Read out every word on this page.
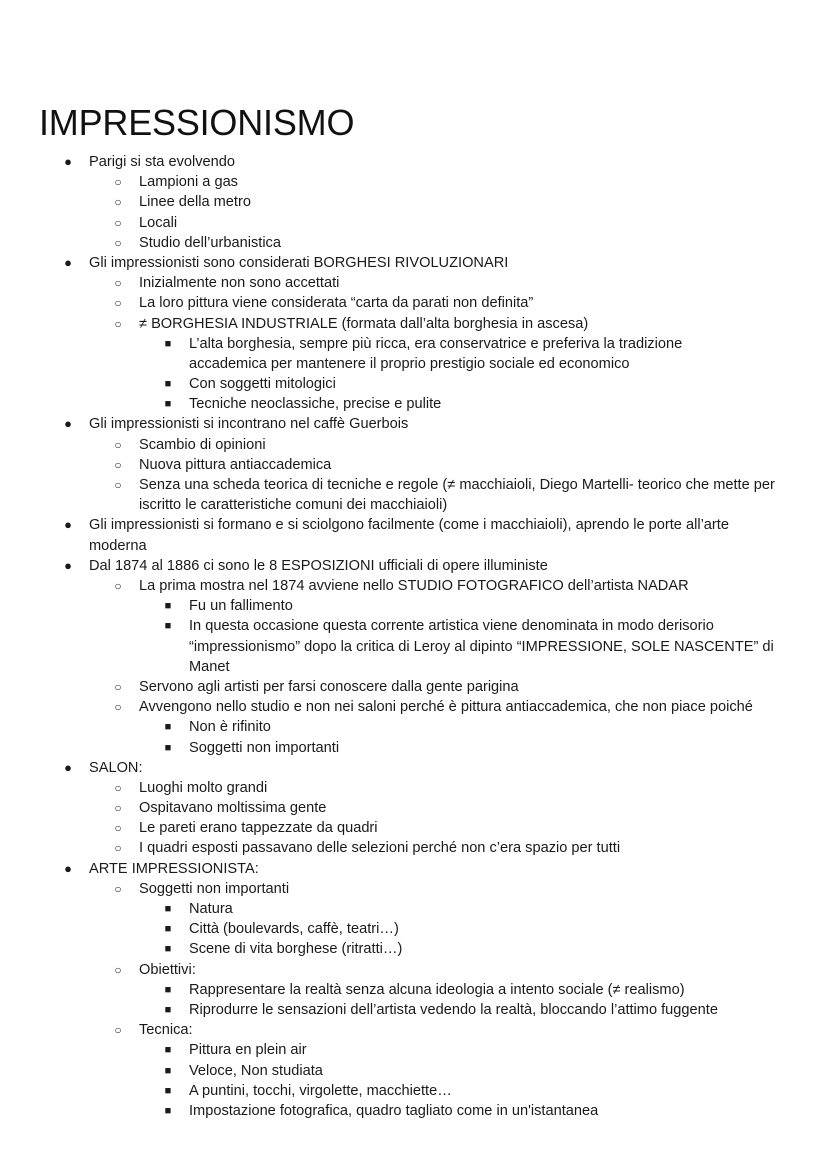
IMPRESSIONISMO
● Parigi si sta evolvendo
○ Lampioni a gas
○ Linee della metro
○ Locali
○ Studio dell’urbanistica
● Gli impressionisti sono considerati BORGHESI RIVOLUZIONARI
○ Inizialmente non sono accettati
○ La loro pittura viene considerata “carta da parati non definita”
○ ≠ BORGHESIA INDUSTRIALE (formata dall’alta borghesia in ascesa)
■ L’alta borghesia, sempre più ricca, era conservatrice e preferiva la tradizione accademica per mantenere il proprio prestigio sociale ed economico
■ Con soggetti mitologici
■ Tecniche neoclassiche, precise e pulite
● Gli impressionisti si incontrano nel caffè Guerbois
○ Scambio di opinioni
○ Nuova pittura antiaccademica
○ Senza una scheda teorica di tecniche e regole (≠ macchiaioli, Diego Martelli- teorico che mette per iscritto le caratteristiche comuni dei macchiaioli)
● Gli impressionisti si formano e si sciolgono facilmente (come i macchiaioli), aprendo le porte all’arte moderna
● Dal 1874 al 1886 ci sono le 8 ESPOSIZIONI ufficiali di opere illuministe
○ La prima mostra nel 1874 avviene nello STUDIO FOTOGRAFICO dell’artista NADAR
■ Fu un fallimento
■ In questa occasione questa corrente artistica viene denominata in modo derisorio “impressionismo” dopo la critica di Leroy al dipinto “IMPRESSIONE, SOLE NASCENTE” di Manet
○ Servono agli artisti per farsi conoscere dalla gente parigina
○ Avvengono nello studio e non nei saloni perché è pittura antiaccademica, che non piace poiché
■ Non è rifinito
■ Soggetti non importanti
● SALON:
○ Luoghi molto grandi
○ Ospitavano moltissima gente
○ Le pareti erano tappezzate da quadri
○ I quadri esposti passavano delle selezioni perché non c’era spazio per tutti
● ARTE IMPRESSIONISTA:
○ Soggetti non importanti
■ Natura
■ Città (boulevards, caffè, teatri…)
■ Scene di vita borghese (ritratti…)
○ Obiettivi:
■ Rappresentare la realtà senza alcuna ideologia a intento sociale (≠ realismo)
■ Riprodurre le sensazioni dell’artista vedendo la realtà, bloccando l’attimo fuggente
○ Tecnica:
■ Pittura en plein air
■ Veloce, Non studiata
■ A puntini, tocchi, virgolette, macchiette…
■ Impostazione fotografica, quadro tagliato come in un'istantanea
